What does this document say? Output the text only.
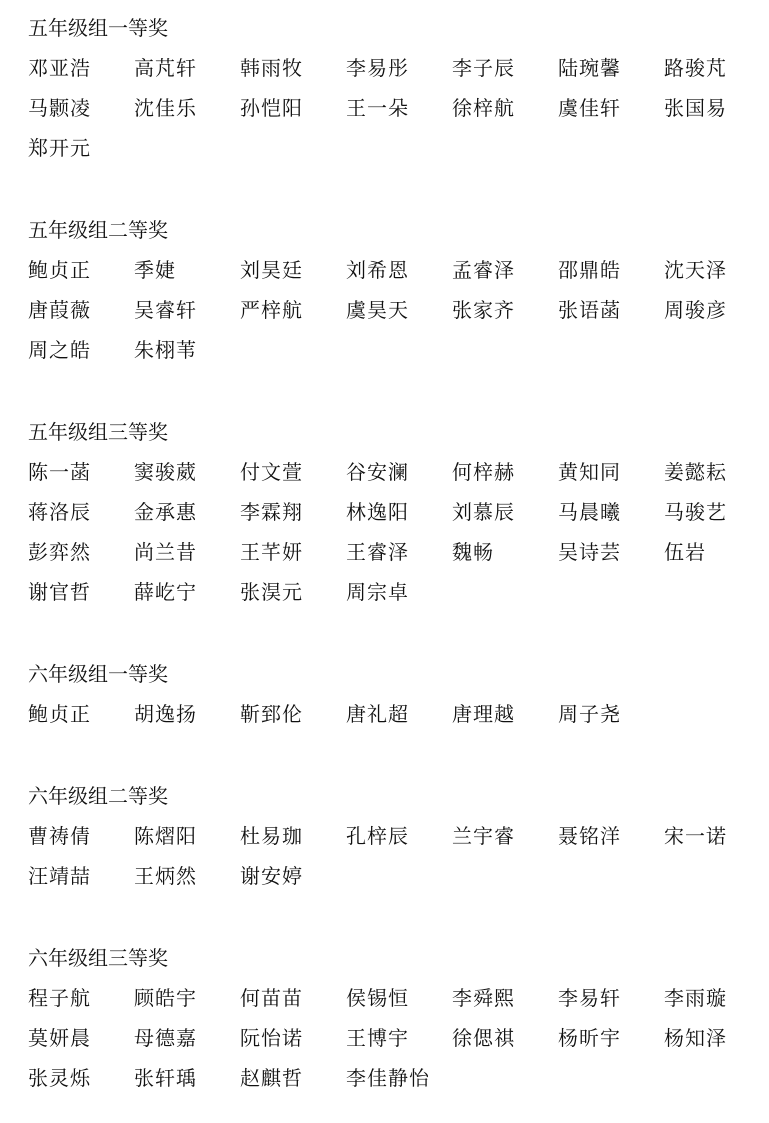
五年级组一等奖
邓亚浩	高芃轩	韩雨牧	李易彤	李子辰	陆琬馨	路骏芃
马颢凌	沈佳乐	孙恺阳	王一朵	徐梓航	虞佳轩	张国易
郑开元
五年级组二等奖
鲍贞正	季婕	刘昊廷	刘希恩	孟睿泽	邵鼎皓	沈天泽
唐葭薇	吴睿轩	严梓航	虞昊天	张家齐	张语菡	周骏彦
周之皓	朱栩苇
五年级组三等奖
陈一菡	窦骏葳	付文萱	谷安澜	何梓赫	黄知同	姜懿耘
蒋洛辰	金承惠	李霖翔	林逸阳	刘慕辰	马晨曦	马骏艺
彭弈然	尚兰昔	王芊妍	王睿泽	魏畅	吴诗芸	伍岩
谢官哲	薛屹宁	张淏元	周宗卓
六年级组一等奖
鲍贞正	胡逸扬	靳郅伦	唐礼超	唐理越	周子尧
六年级组二等奖
曹祷倩	陈熠阳	杜易珈	孔梓辰	兰宇睿	聂铭洋	宋一诺
汪靖喆	王炳然	谢安婷
六年级组三等奖
程子航	顾皓宇	何苗苗	侯锡恒	李舜熙	李易轩	李雨璇
莫妍晨	母德嘉	阮怡诺	王博宇	徐偲祺	杨昕宇	杨知泽
张灵烁	张轩瑀	赵麒哲	李佳静怡
